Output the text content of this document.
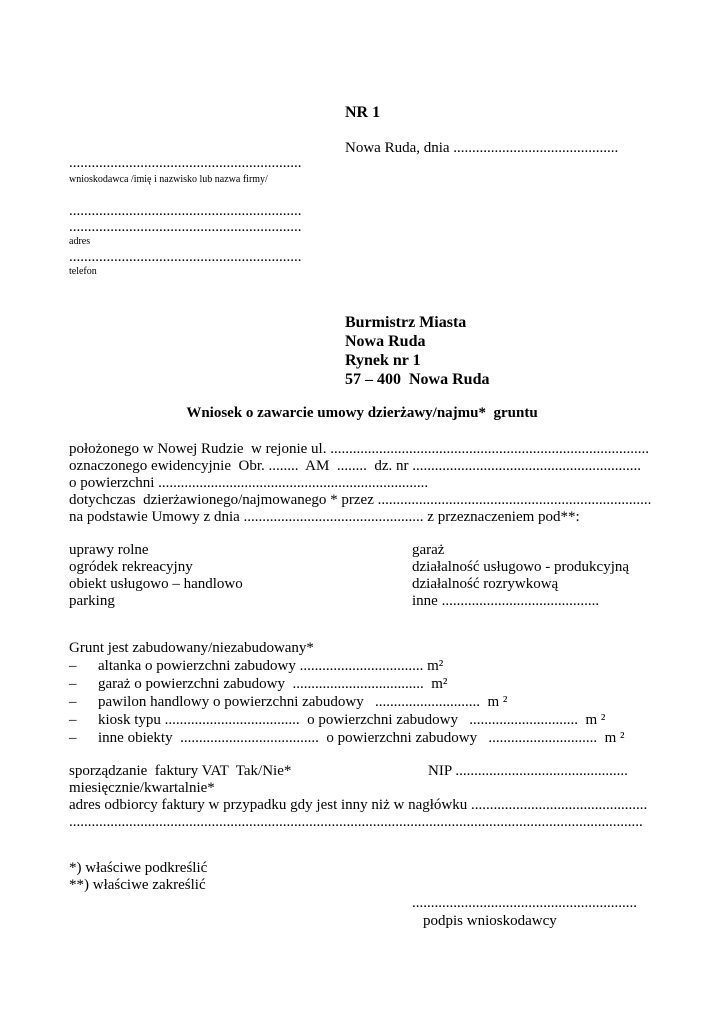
NR 1
Nowa Ruda, dnia ............................................
..............................................................
wnioskodawca /imię i nazwisko lub nazwa firmy/
..............................................................
..............................................................
adres
..............................................................
telefon
Burmistrz Miasta
Nowa Ruda
Rynek nr 1
57 – 400  Nowa Ruda
Wniosek o zawarcie umowy dzierżawy/najmu*  gruntu
położonego w Nowej Rudzie  w rejonie ul. .....................................................................................
oznaczonego ewidencyjnie  Obr. ........  AM  ........  dz. nr .............................................................
o powierzchni ........................................................................
dotychczas  dzierżawionego/najmowanego * przez .........................................................................
na podstawie Umowy z dnia ................................................ z przeznaczeniem pod**:
uprawy rolne
ogródek rekreacyjny
obiekt usługowo – handlowo
parking
garaż
działalność usługowo - produkcyjną
działalność rozrywkową
inne ..........................................
Grunt jest zabudowany/niezabudowany*
– altanka o powierzchni zabudowy ................................. m²
– garaż o powierzchni zabudowy  ...................................  m²
– pawilon handlowy o powierzchni zabudowy   ............................  m ²
– kiosk typu ....................................  o powierzchni zabudowy   .............................  m ²
– inne obiekty  .....................................  o powierzchni zabudowy   .............................  m ²
sporządzanie  faktury VAT  Tak/Nie*	NIP ..............................................
miesięcznie/kwartalnie*
adres odbiorcy faktury w przypadku gdy jest inny niż w nagłówku ...............................................
.........................................................................................................................................................
*) właściwe podkreślić
**) właściwe zakreślić
............................................................
podpis wnioskodawcy
